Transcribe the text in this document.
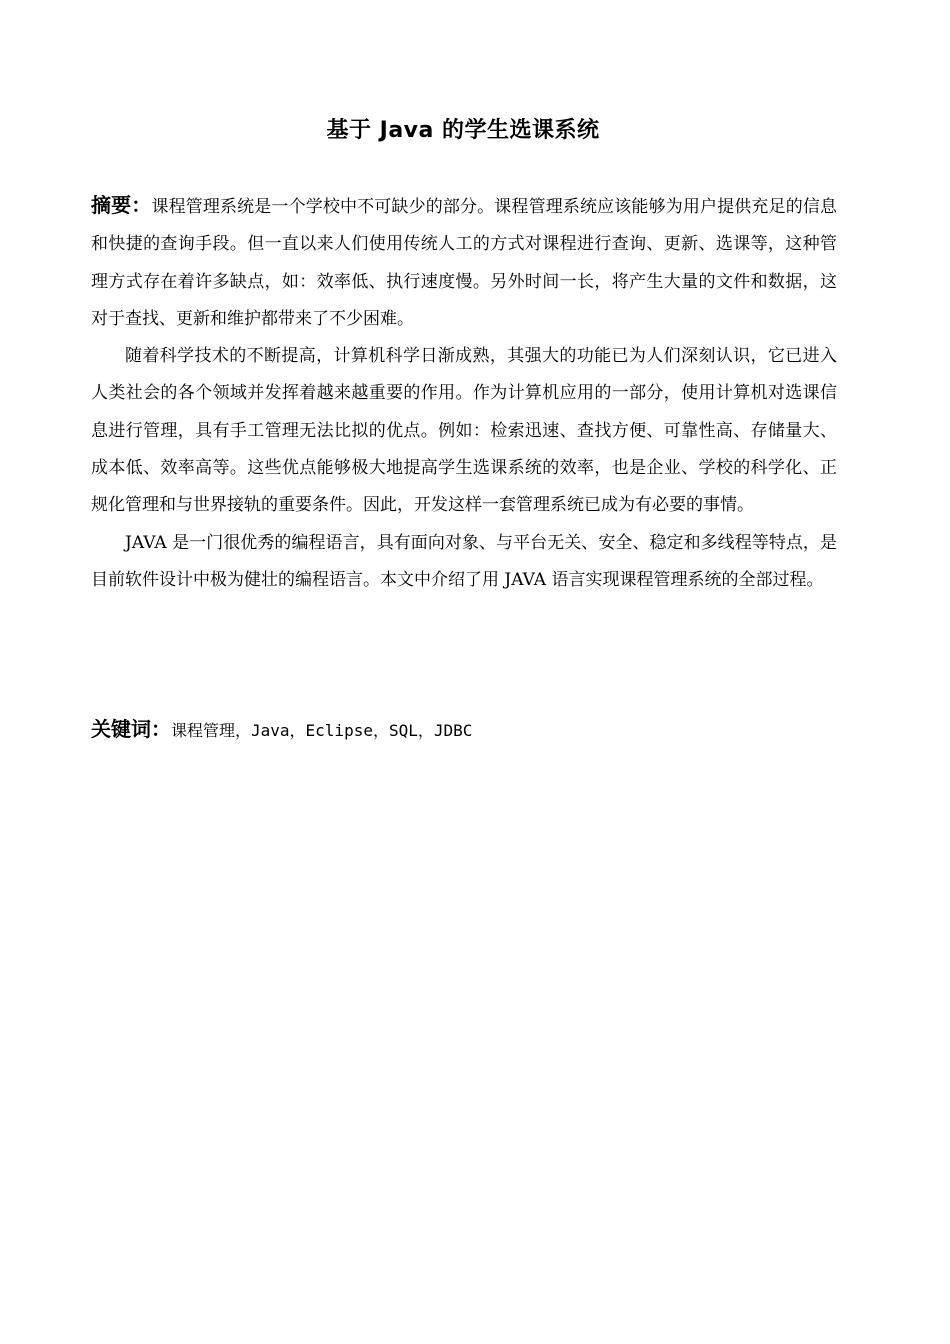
基于 Java 的学生选课系统

摘要：课程管理系统是一个学校中不可缺少的部分。课程管理系统应该能够为用户提供充足的信息和快捷的查询手段。但一直以来人们使用传统人工的方式对课程进行查询、更新、选课等，这种管理方式存在着许多缺点，如：效率低、执行速度慢。另外时间一长，将产生大量的文件和数据，这对于查找、更新和维护都带来了不少困难。

随着科学技术的不断提高，计算机科学日渐成熟，其强大的功能已为人们深刻认识，它已进入人类社会的各个领域并发挥着越来越重要的作用。作为计算机应用的一部分，使用计算机对选课信息进行管理，具有手工管理无法比拟的优点。例如：检索迅速、查找方便、可靠性高、存储量大、成本低、效率高等。这些优点能够极大地提高学生选课系统的效率，也是企业、学校的科学化、正规化管理和与世界接轨的重要条件。因此，开发这样一套管理系统已成为有必要的事情。

JAVA 是一门很优秀的编程语言，具有面向对象、与平台无关、安全、稳定和多线程等特点，是目前软件设计中极为健壮的编程语言。本文中介绍了用 JAVA 语言实现课程管理系统的全部过程。

关键词：课程管理，Java，Eclipse，SQL，JDBC
